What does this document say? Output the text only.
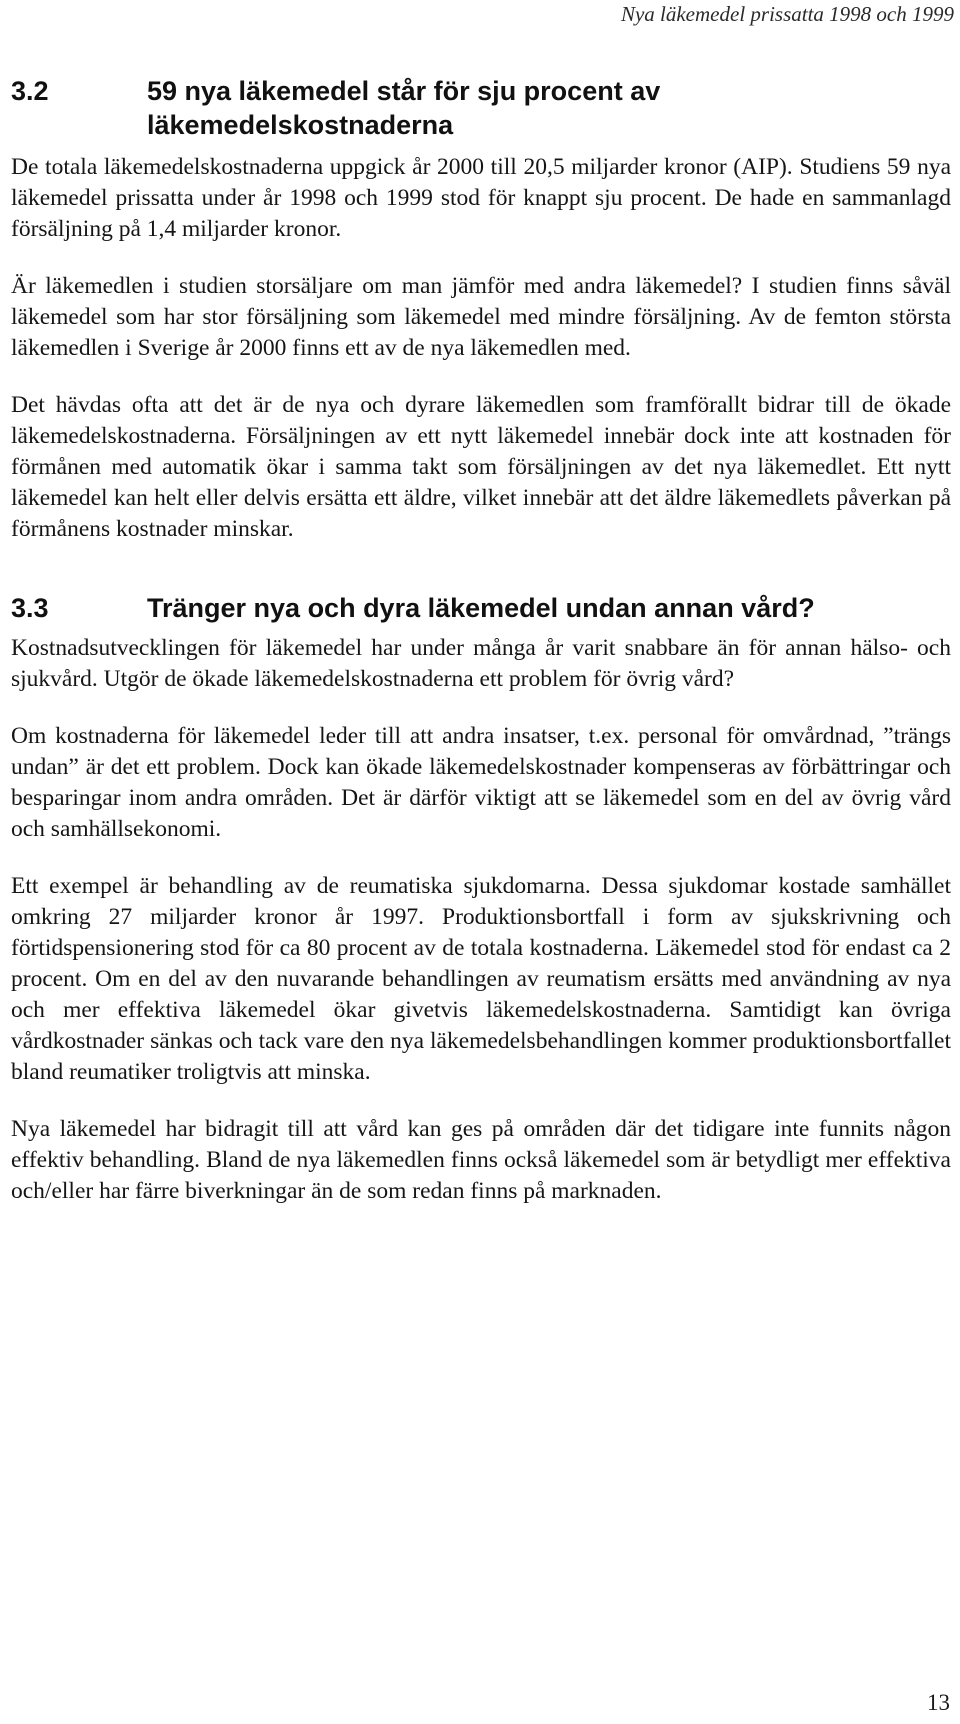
Nya läkemedel prissatta 1998 och 1999
3.2	59 nya läkemedel står för sju procent av läkemedelskostnaderna

De totala läkemedelskostnaderna uppgick år 2000 till 20,5 miljarder kronor (AIP). Studiens 59 nya läkemedel prissatta under år 1998 och 1999 stod för knappt sju procent. De hade en sammanlagd försäljning på 1,4 miljarder kronor.

Är läkemedlen i studien storsäljare om man jämför med andra läkemedel? I studien finns såväl läkemedel som har stor försäljning som läkemedel med mindre försäljning. Av de femton största läkemedlen i Sverige år 2000 finns ett av de nya läkemedlen med.

Det hävdas ofta att det är de nya och dyrare läkemedlen som framförallt bidrar till de ökade läkemedelskostnaderna. Försäljningen av ett nytt läkemedel innebär dock inte att kostnaden för förmånen med automatik ökar i samma takt som försäljningen av det nya läkemedlet. Ett nytt läkemedel kan helt eller delvis ersätta ett äldre, vilket innebär att det äldre läkemedlets påverkan på förmånens kostnader minskar.

3.3	Tränger nya och dyra läkemedel undan annan vård?

Kostnadsutvecklingen för läkemedel har under många år varit snabbare än för annan hälso- och sjukvård. Utgör de ökade läkemedelskostnaderna ett problem för övrig vård?

Om kostnaderna för läkemedel leder till att andra insatser, t.ex. personal för omvårdnad, ”trängs undan” är det ett problem. Dock kan ökade läkemedelskostnader kompenseras av förbättringar och besparingar inom andra områden. Det är därför viktigt att se läkemedel som en del av övrig vård och samhällsekonomi.

Ett exempel är behandling av de reumatiska sjukdomarna. Dessa sjukdomar kostade samhället omkring 27 miljarder kronor år 1997. Produktionsbortfall i form av sjukskrivning och förtidspensionering stod för ca 80 procent av de totala kostnaderna. Läkemedel stod för endast ca 2 procent. Om en del av den nuvarande behandlingen av reumatism ersätts med användning av nya och mer effektiva läkemedel ökar givetvis läkemedelskostnaderna. Samtidigt kan övriga vårdkostnader sänkas och tack vare den nya läkemedelsbehandlingen kommer produktionsbortfallet bland reumatiker troligtvis att minska.

Nya läkemedel har bidragit till att vård kan ges på områden där det tidigare inte funnits någon effektiv behandling. Bland de nya läkemedlen finns också läkemedel som är betydligt mer effektiva och/eller har färre biverkningar än de som redan finns på marknaden.

13
